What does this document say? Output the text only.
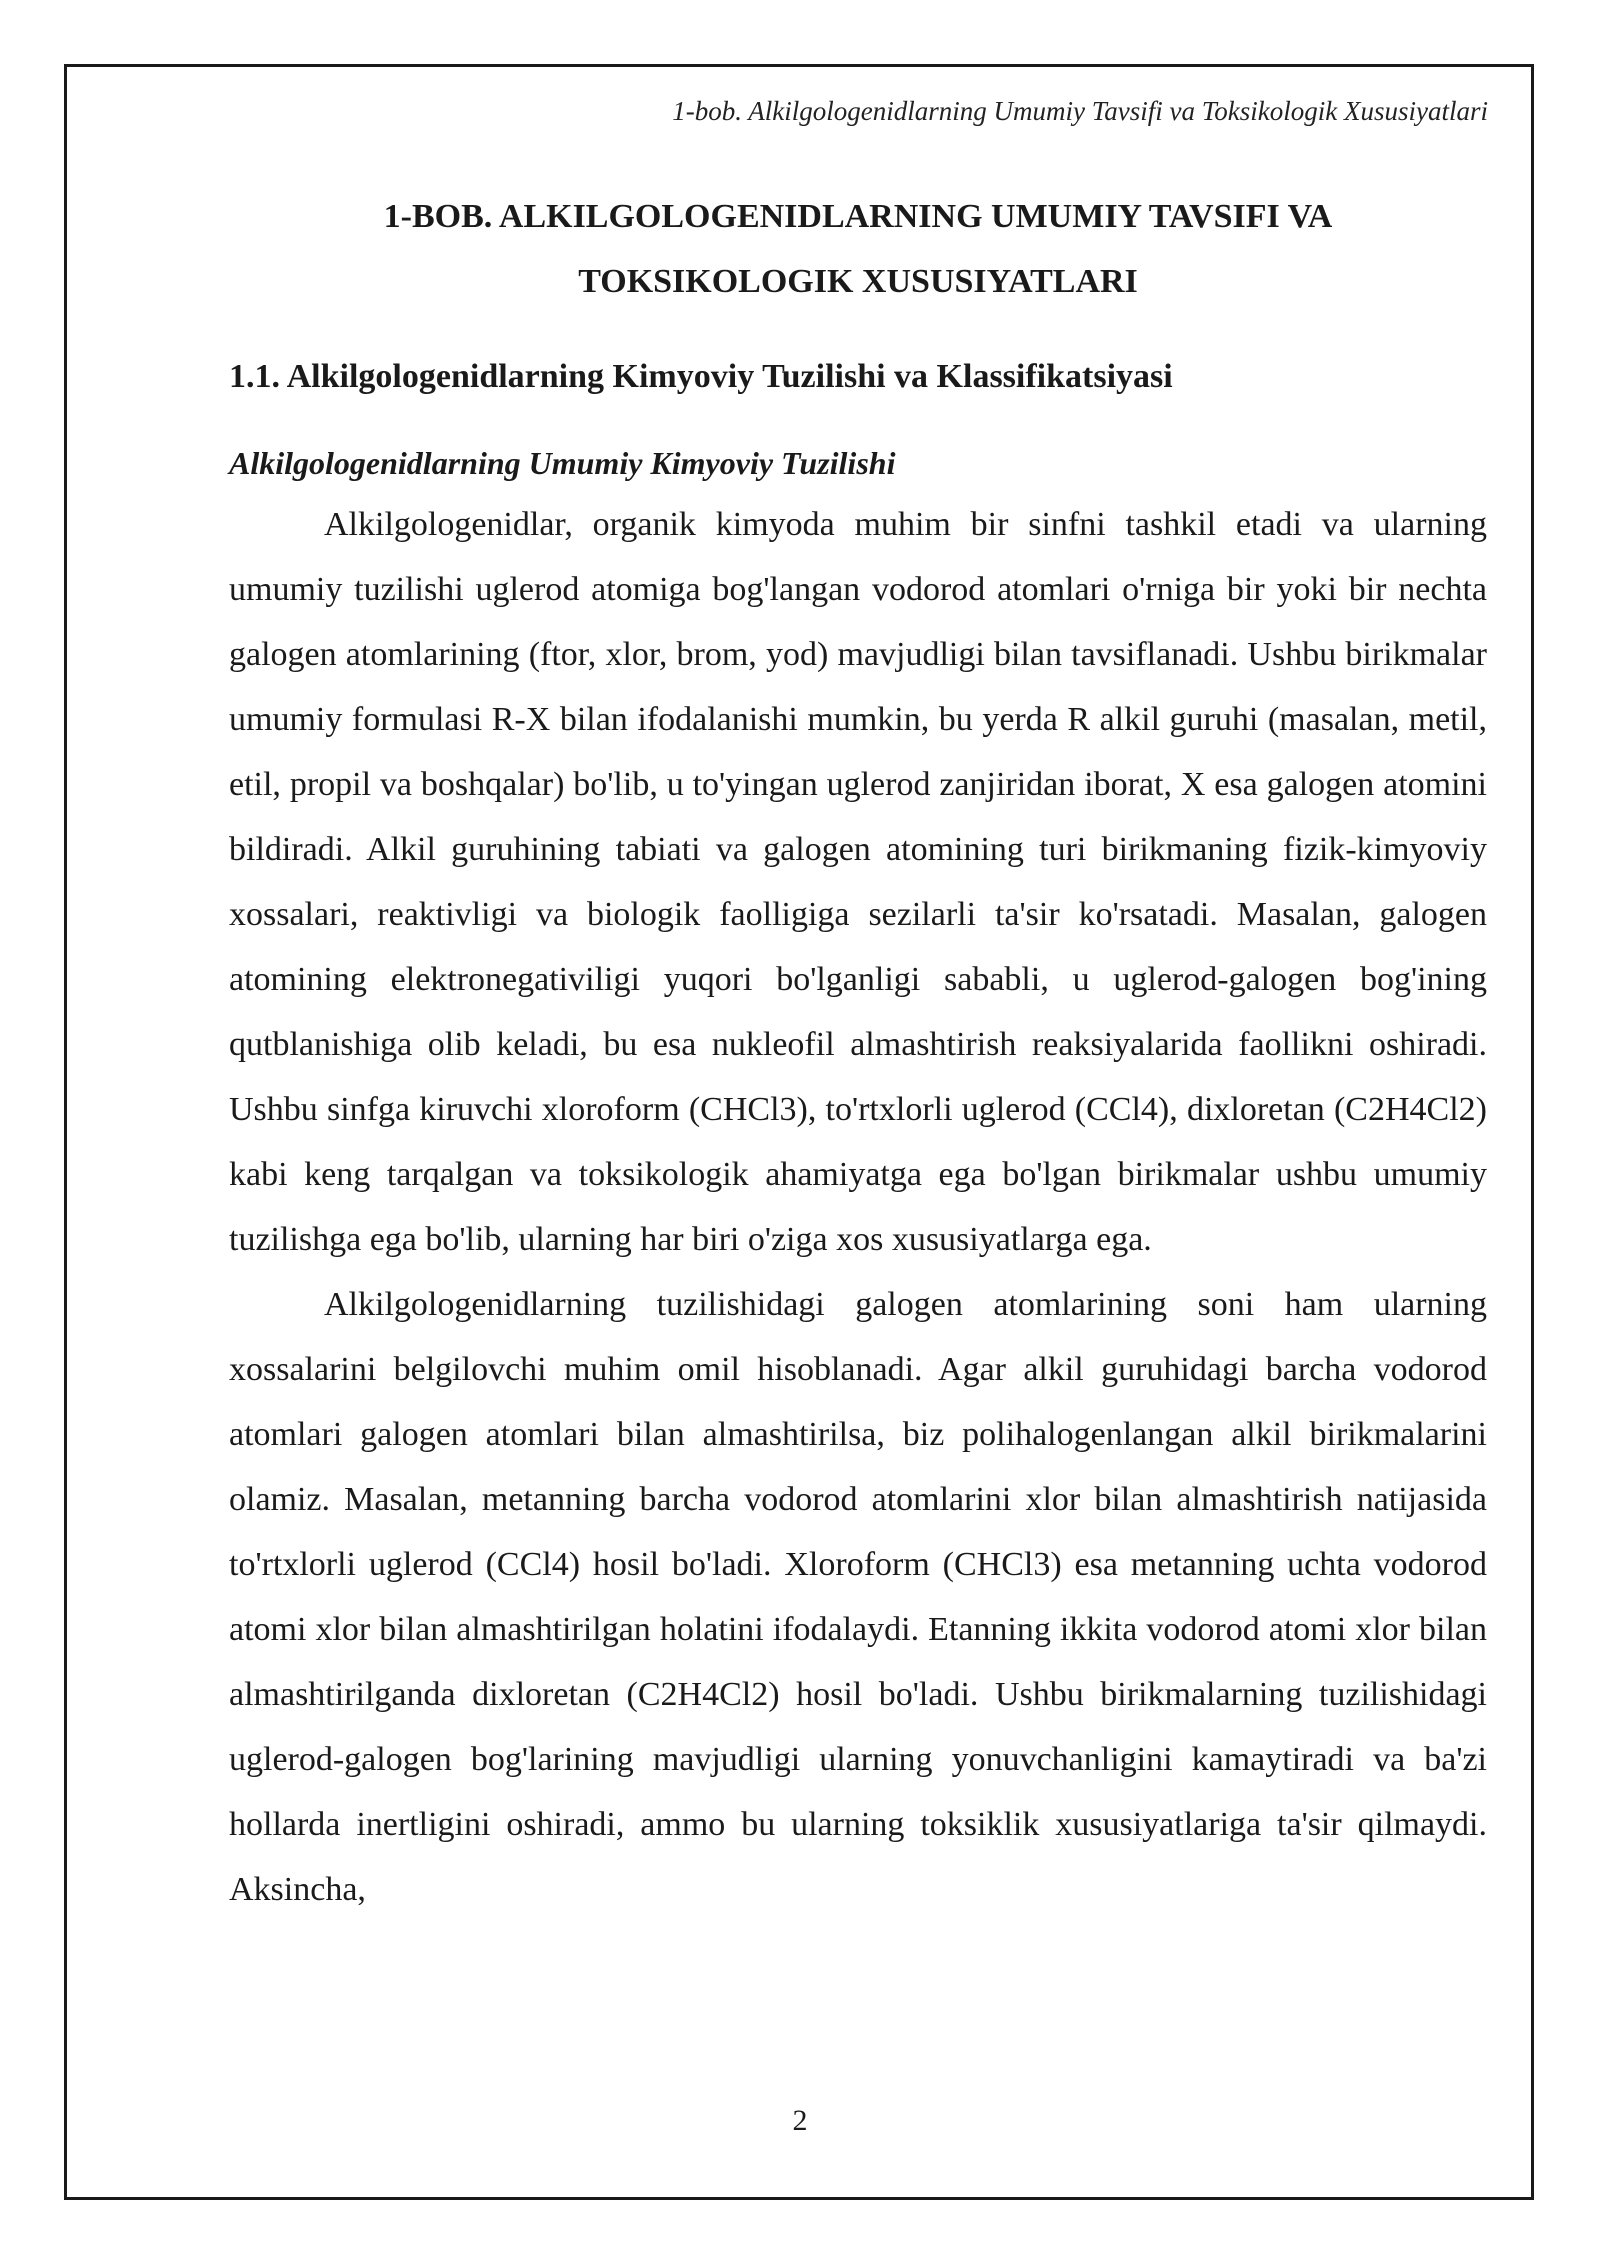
1-bob. Alkilgologenidlarning Umumiy Tavsifi va Toksikologik Xususiyatlari
1-BOB. ALKILGOLOGENIDLARNING UMUMIY TAVSIFI VA
TOKSIKOLOGIK XUSUSIYATLARI
1.1. Alkilgologenidlarning Kimyoviy Tuzilishi va Klassifikatsiyasi
Alkilgologenidlarning Umumiy Kimyoviy Tuzilishi

Alkilgologenidlar, organik kimyoda muhim bir sinfni tashkil etadi va ularning umumiy tuzilishi uglerod atomiga bog'langan vodorod atomlari o'rniga bir yoki bir nechta galogen atomlarining (ftor, xlor, brom, yod) mavjudligi bilan tavsiflanadi. Ushbu birikmalar umumiy formulasi R-X bilan ifodalanishi mumkin, bu yerda R alkil guruhi (masalan, metil, etil, propil va boshqalar) bo'lib, u to'yingan uglerod zanjiridan iborat, X esa galogen atomini bildiradi. Alkil guruhining tabiati va galogen atomining turi birikmaning fizik-kimyoviy xossalari, reaktivligi va biologik faolligiga sezilarli ta'sir ko'rsatadi. Masalan, galogen atomining elektronegativiligi yuqori bo'lganligi sababli, u uglerod-galogen bog'ining qutblanishiga olib keladi, bu esa nukleofil almashtirish reaksiyalarida faollikni oshiradi. Ushbu sinfga kiruvchi xloroform (CHCl3), to'rtxlorli uglerod (CCl4), dixloretan (C2H4Cl2) kabi keng tarqalgan va toksikologik ahamiyatga ega bo'lgan birikmalar ushbu umumiy tuzilishga ega bo'lib, ularning har biri o'ziga xos xususiyatlarga ega.

Alkilgologenidlarning tuzilishidagi galogen atomlarining soni ham ularning xossalarini belgilovchi muhim omil hisoblanadi. Agar alkil guruhidagi barcha vodorod atomlari galogen atomlari bilan almashtirilsa, biz polihalogenlangan alkil birikmalarini olamiz. Masalan, metanning barcha vodorod atomlarini xlor bilan almashtirish natijasida to'rtxlorli uglerod (CCl4) hosil bo'ladi. Xloroform (CHCl3) esa metanning uchta vodorod atomi xlor bilan almashtirilgan holatini ifodalaydi. Etanning ikkita vodorod atomi xlor bilan almashtirilganda dixloretan (C2H4Cl2) hosil bo'ladi. Ushbu birikmalarning tuzilishidagi uglerod-galogen bog'larining mavjudligi ularning yonuvchanligini kamaytiradi va ba'zi hollarda inertligini oshiradi, ammo bu ularning toksiklik xususiyatlariga ta'sir qilmaydi. Aksincha,

2
